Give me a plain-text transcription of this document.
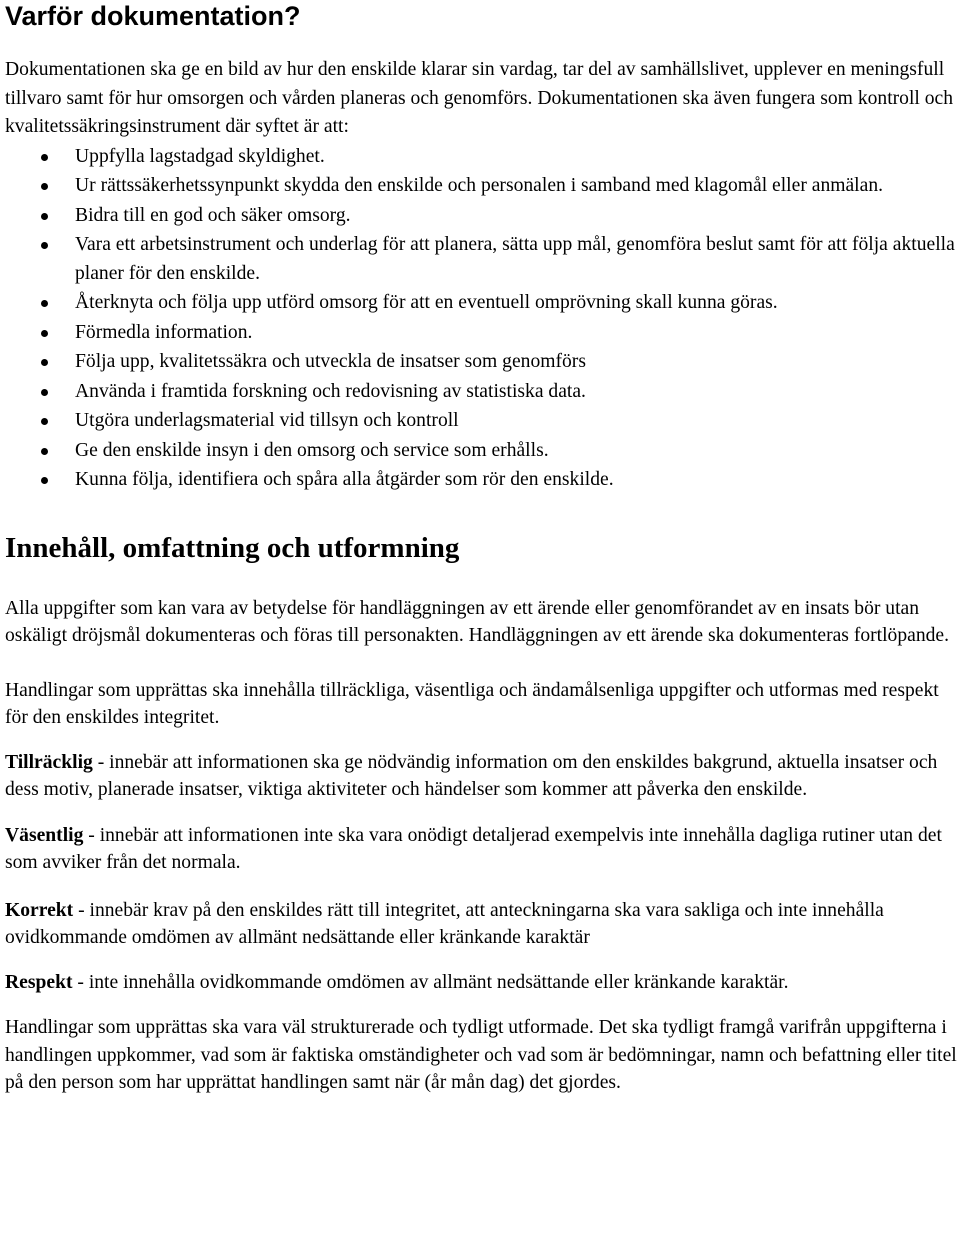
Varför dokumentation?

Dokumentationen ska ge en bild av hur den enskilde klarar sin vardag, tar del av samhällslivet, upplever en meningsfull tillvaro samt för hur omsorgen och vården planeras och genomförs. Dokumentationen ska även fungera som kontroll och kvalitetssäkringsinstrument där syftet är att:

Uppfylla lagstadgad skyldighet.
Ur rättssäkerhetssynpunkt skydda den enskilde och personalen i samband med klagomål eller anmälan.
Bidra till en god och säker omsorg.
Vara ett arbetsinstrument och underlag för att planera, sätta upp mål, genomföra beslut samt för att följa aktuella planer för den enskilde.
Återknyta och följa upp utförd omsorg för att en eventuell omprövning skall kunna göras.
Förmedla information.
Följa upp, kvalitetssäkra och utveckla de insatser som genomförs
Använda i framtida forskning och redovisning av statistiska data.
Utgöra underlagsmaterial vid tillsyn och kontroll
Ge den enskilde insyn i den omsorg och service som erhålls.
Kunna följa, identifiera och spåra alla åtgärder som rör den enskilde.
Innehåll, omfattning och utformning

Alla uppgifter som kan vara av betydelse för handläggningen av ett ärende eller genomförandet av en insats bör utan oskäligt dröjsmål dokumenteras och föras till personakten. Handläggningen av ett ärende ska dokumenteras fortlöpande.

Handlingar som upprättas ska innehålla tillräckliga, väsentliga och ändamålsenliga uppgifter och utformas med respekt för den enskildes integritet.

Tillräcklig - innebär att informationen ska ge nödvändig information om den enskildes bakgrund, aktuella insatser och dess motiv, planerade insatser, viktiga aktiviteter och händelser som kommer att påverka den enskilde.

Väsentlig - innebär att informationen inte ska vara onödigt detaljerad exempelvis inte innehålla dagliga rutiner utan det som avviker från det normala.

Korrekt - innebär krav på den enskildes rätt till integritet, att anteckningarna ska vara sakliga och inte innehålla ovidkommande omdömen av allmänt nedsättande eller kränkande karaktär

Respekt - inte innehålla ovidkommande omdömen av allmänt nedsättande eller kränkande karaktär.

Handlingar som upprättas ska vara väl strukturerade och tydligt utformade. Det ska tydligt framgå varifrån uppgifterna i handlingen uppkommer, vad som är faktiska omständigheter och vad som är bedömningar, namn och befattning eller titel på den person som har upprättat handlingen samt när (år mån dag) det gjordes.
